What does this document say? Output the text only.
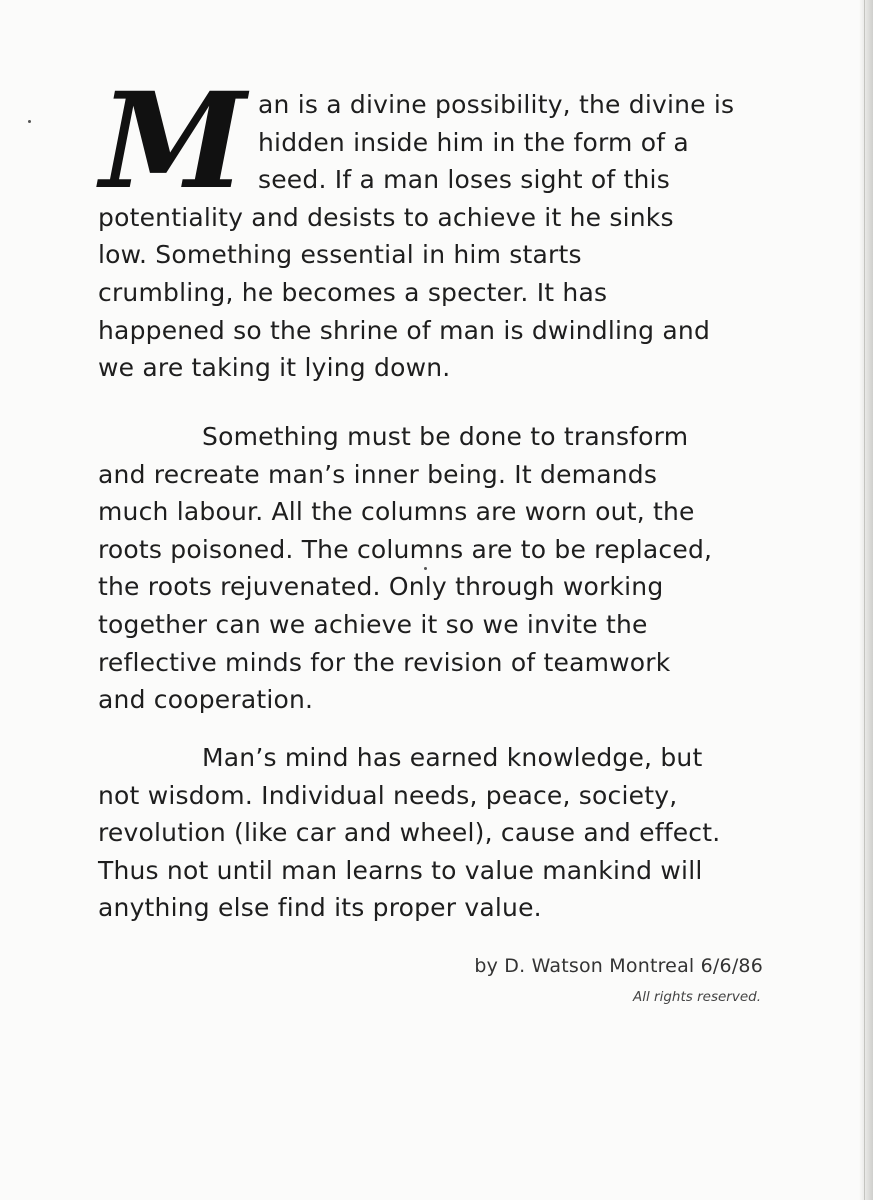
M an is a divine possibility, the divine is
hidden inside him in the form of a
seed. If a man loses sight of this
potentiality and desists to achieve it he sinks
low. Something essential in him starts
crumbling, he becomes a specter. It has
happened so the shrine of man is dwindling and
we are taking it lying down.
Something must be done to transform
and recreate man’s inner being. It demands
much labour. All the columns are worn out, the
roots poisoned. The columns are to be replaced,
the roots rejuvenated. Only through working
together can we achieve it so we invite the
reflective minds for the revision of teamwork
and cooperation.
Man’s mind has earned knowledge, but
not wisdom. Individual needs, peace, society,
revolution (like car and wheel), cause and effect.
Thus not until man learns to value mankind will
anything else find its proper value.
by D. Watson Montreal 6/6/86
All rights reserved.
